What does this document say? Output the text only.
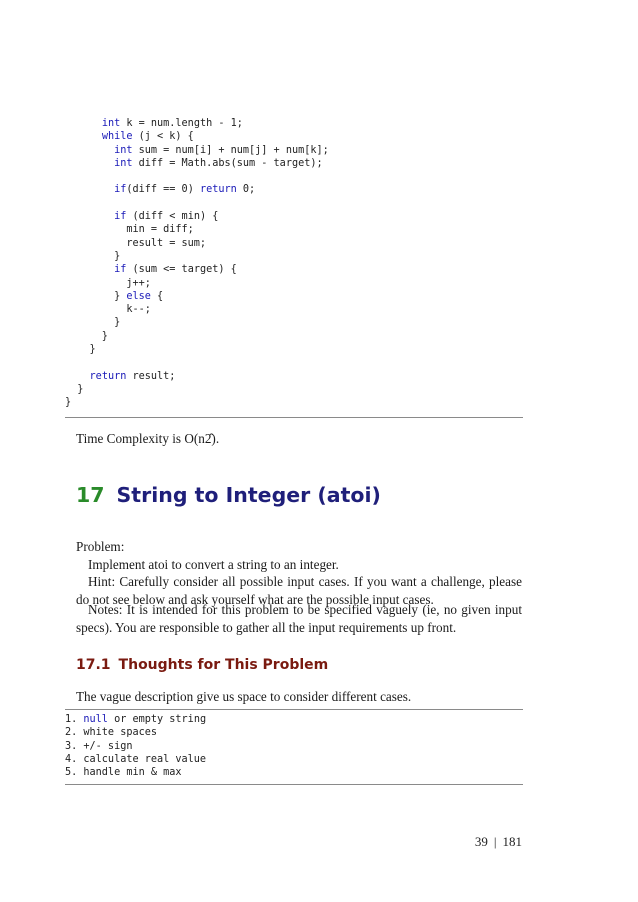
int k = num.length - 1;
while (j < k) {
int sum = num[i] + num[j] + num[k];
int diff = Math.abs(sum - target);
if(diff == 0) return 0;
if (diff < min) {
min = diff;
result = sum;
}
if (sum <= target) {
j++;
} else {
k--;
}
}
}
return result;
}
}

Time Complexity is O(n2̂).

17 String to Integer (atoi)

Problem:

Implement atoi to convert a string to an integer.

Hint: Carefully consider all possible input cases. If you want a challenge, please do not see below and ask yourself what are the possible input cases.

Notes: It is intended for this problem to be specified vaguely (ie, no given input specs). You are responsible to gather all the input requirements up front.

17.1 Thoughts for This Problem

The vague description give us space to consider different cases.

1. null or empty string
2. white spaces
3. +/- sign
4. calculate real value
5. handle min & max
39 | 181
